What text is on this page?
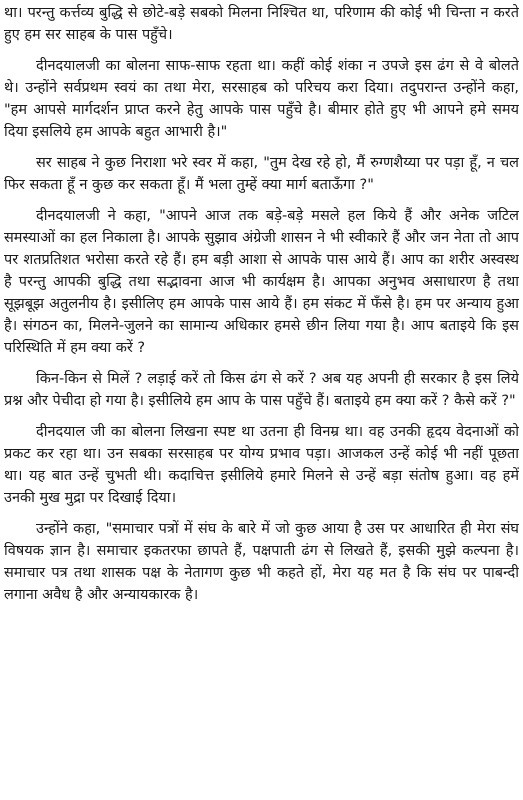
था। परन्तु कर्त्तव्य बुद्धि से छोटे-बड़े सबको मिलना निश्चित था, परिणाम की कोई भी चिन्ता न करते हुए हम सर साहब के पास पहुँचे।

दीनदयालजी का बोलना साफ-साफ रहता था। कहीं कोई शंका न उपजे इस ढंग से वे बोलते थे। उन्होंने सर्वप्रथम स्वयं का तथा मेरा, सरसाहब को परिचय करा दिया। तदुपरान्त उन्होंने कहा, "हम आपसे मार्गदर्शन प्राप्त करने हेतु आपके पास पहुँचे है। बीमार होते हुए भी आपने हमे समय दिया इसलिये हम आपके बहुत आभारी है।"

सर साहब ने कुछ निराशा भरे स्वर में कहा, "तुम देख रहे हो, मैं रुग्णशैय्या पर पड़ा हूँ, न चल फिर सकता हूँ न कुछ कर सकता हूँ। मैं भला तुम्हें क्या मार्ग बताऊँगा ?"

दीनदयालजी ने कहा, "आपने आज तक बड़े-बड़े मसले हल किये हैं और अनेक जटिल समस्याओं का हल निकाला है। आपके सुझाव अंग्रेजी शासन ने भी स्वीकारे हैं और जन नेता तो आप पर शतप्रतिशत भरोसा करते रहे हैं। हम बड़ी आशा से आपके पास आये हैं। आप का शरीर अस्वस्थ है परन्तु आपकी बुद्धि तथा सद्भावना आज भी कार्यक्षम है। आपका अनुभव असाधारण है तथा सूझबूझ अतुलनीय है। इसीलिए हम आपके पास आये हैं। हम संकट में फँसे है। हम पर अन्याय हुआ है। संगठन का, मिलने-जुलने का सामान्य अधिकार हमसे छीन लिया गया है। आप बताइये कि इस परिस्थिति में हम क्या करें ?

किन-किन से मिलें ? लड़ाई करें तो किस ढंग से करें ? अब यह अपनी ही सरकार है इस लिये प्रश्न और पेचीदा हो गया है। इसीलिये हम आप के पास पहुँचे हैं। बताइये हम क्या करें ? कैसे करें ?"

दीनदयाल जी का बोलना लिखना स्पष्ट था उतना ही विनम्र था। वह उनकी हृदय वेदनाओं को प्रकट कर रहा था। उन सबका सरसाहब पर योग्य प्रभाव पड़ा। आजकल उन्हें कोई भी नहीं पूछता था। यह बात उन्हें चुभती थी। कदाचित्त इसीलिये हमारे मिलने से उन्हें बड़ा संतोष हुआ। वह हमें उनकी मुख मुद्रा पर दिखाई दिया।

उन्होंने कहा, "समाचार पत्रों में संघ के बारे में जो कुछ आया है उस पर आधारित ही मेरा संघ विषयक ज्ञान है। समाचार इकतरफा छापते हैं, पक्षपाती ढंग से लिखते हैं, इसकी मुझे कल्पना है। समाचार पत्र तथा शासक पक्ष के नेतागण कुछ भी कहते हों, मेरा यह मत है कि संघ पर पाबन्दी लगाना अवैध है और अन्यायकारक है।
